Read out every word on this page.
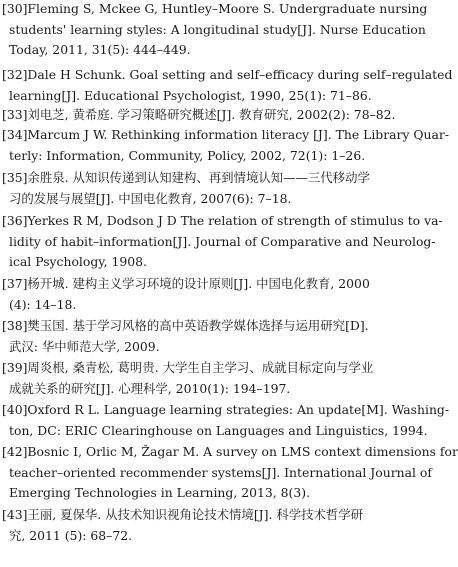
[30]Fleming S, Mckee G, Huntley–Moore S. Undergraduate nursing
students' learning styles: A longitudinal study[J]. Nurse Education
Today, 2011, 31(5): 444–449.
[32]Dale H Schunk. Goal setting and self–efficacy during self–regulated
learning[J]. Educational Psychologist, 1990, 25(1): 71–86.
[33]刘电芝, 黄希庭. 学习策略研究概述[J]. 教育研究, 2002(2): 78–82.
[34]Marcum J W. Rethinking information literacy [J]. The Library Quar-
terly: Information, Community, Policy, 2002, 72(1): 1–26.
[35]余胜泉. 从知识传递到认知建构、再到情境认知——三代移动学
习的发展与展望[J]. 中国电化教育, 2007(6): 7–18.
[36]Yerkes R M, Dodson J D The relation of strength of stimulus to va-
lidity of habit–information[J]. Journal of Comparative and Neurolog-
ical Psychology, 1908.
[37]杨开城. 建构主义学习环境的设计原则[J]. 中国电化教育, 2000
(4): 14–18.
[38]樊玉国. 基于学习风格的高中英语教学媒体选择与运用研究[D].
武汉: 华中师范大学, 2009.
[39]周炎根, 桑青松, 葛明贵. 大学生自主学习、成就目标定向与学业
成就关系的研究[J]. 心理科学, 2010(1): 194–197.
[40]Oxford R L. Language learning strategies: An update[M]. Washing-
ton, DC: ERIC Clearinghouse on Languages and Linguistics, 1994.
[42]Bosnic I, Orlic M, Žagar M. A survey on LMS context dimensions for
teacher–oriented recommender systems[J]. International Journal of
Emerging Technologies in Learning, 2013, 8(3).
[43]王丽, 夏保华. 从技术知识视角论技术情境[J]. 科学技术哲学研
究, 2011 (5): 68–72.
